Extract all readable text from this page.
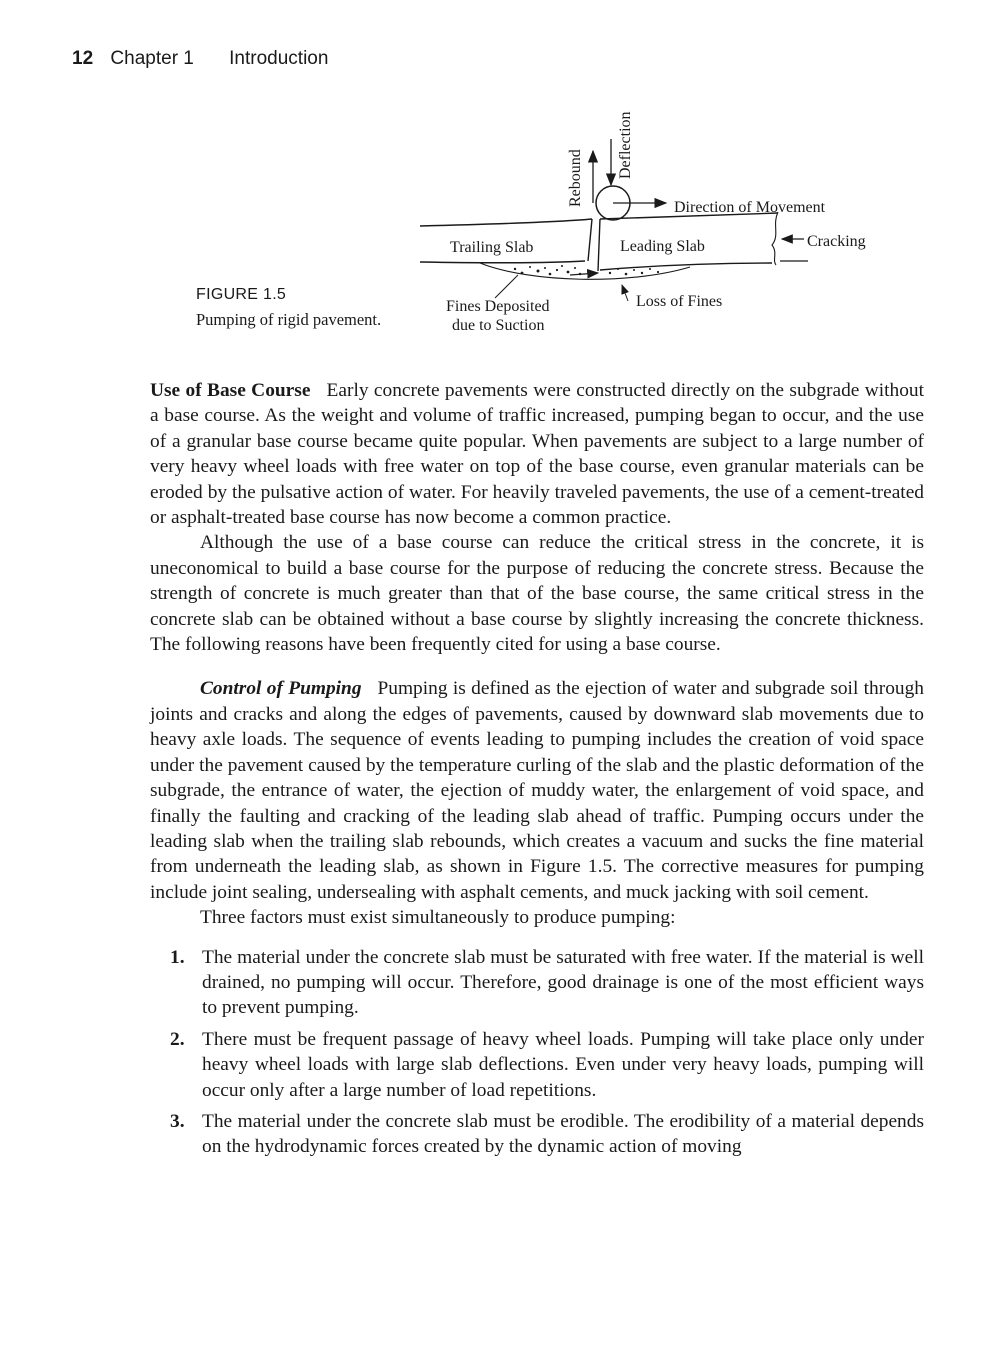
12 Chapter 1 Introduction
Rebound Deflection
Direction of Movement
Trailing Slab	Leading Slab	Cracking
Fines Deposited
due to Suction
Loss of Fines
FIGURE 1.5
Pumping of rigid pavement.

Use of Base Course Early concrete pavements were constructed directly on the subgrade without a base course. As the weight and volume of traffic increased, pumping began to occur, and the use of a granular base course became quite popular. When pavements are subject to a large number of very heavy wheel loads with free water on top of the base course, even granular materials can be eroded by the pulsative action of water. For heavily traveled pavements, the use of a cement-treated or asphalt-treated base course has now become a common practice.

Although the use of a base course can reduce the critical stress in the concrete, it is uneconomical to build a base course for the purpose of reducing the concrete stress. Because the strength of concrete is much greater than that of the base course, the same critical stress in the concrete slab can be obtained without a base course by slightly increasing the concrete thickness. The following reasons have been frequently cited for using a base course.

Control of Pumping Pumping is defined as the ejection of water and subgrade soil through joints and cracks and along the edges of pavements, caused by downward slab movements due to heavy axle loads. The sequence of events leading to pumping includes the creation of void space under the pavement caused by the temperature curling of the slab and the plastic deformation of the subgrade, the entrance of water, the ejection of muddy water, the enlargement of void space, and finally the faulting and cracking of the leading slab ahead of traffic. Pumping occurs under the leading slab when the trailing slab rebounds, which creates a vacuum and sucks the fine material from underneath the leading slab, as shown in Figure 1.5. The corrective measures for pumping include joint sealing, undersealing with asphalt cements, and muck jacking with soil cement.

Three factors must exist simultaneously to produce pumping:

1. The material under the concrete slab must be saturated with free water. If the material is well drained, no pumping will occur. Therefore, good drainage is one of the most efficient ways to prevent pumping.
2. There must be frequent passage of heavy wheel loads. Pumping will take place only under heavy wheel loads with large slab deflections. Even under very heavy loads, pumping will occur only after a large number of load repetitions.
3. The material under the concrete slab must be erodible. The erodibility of a material depends on the hydrodynamic forces created by the dynamic action of moving
